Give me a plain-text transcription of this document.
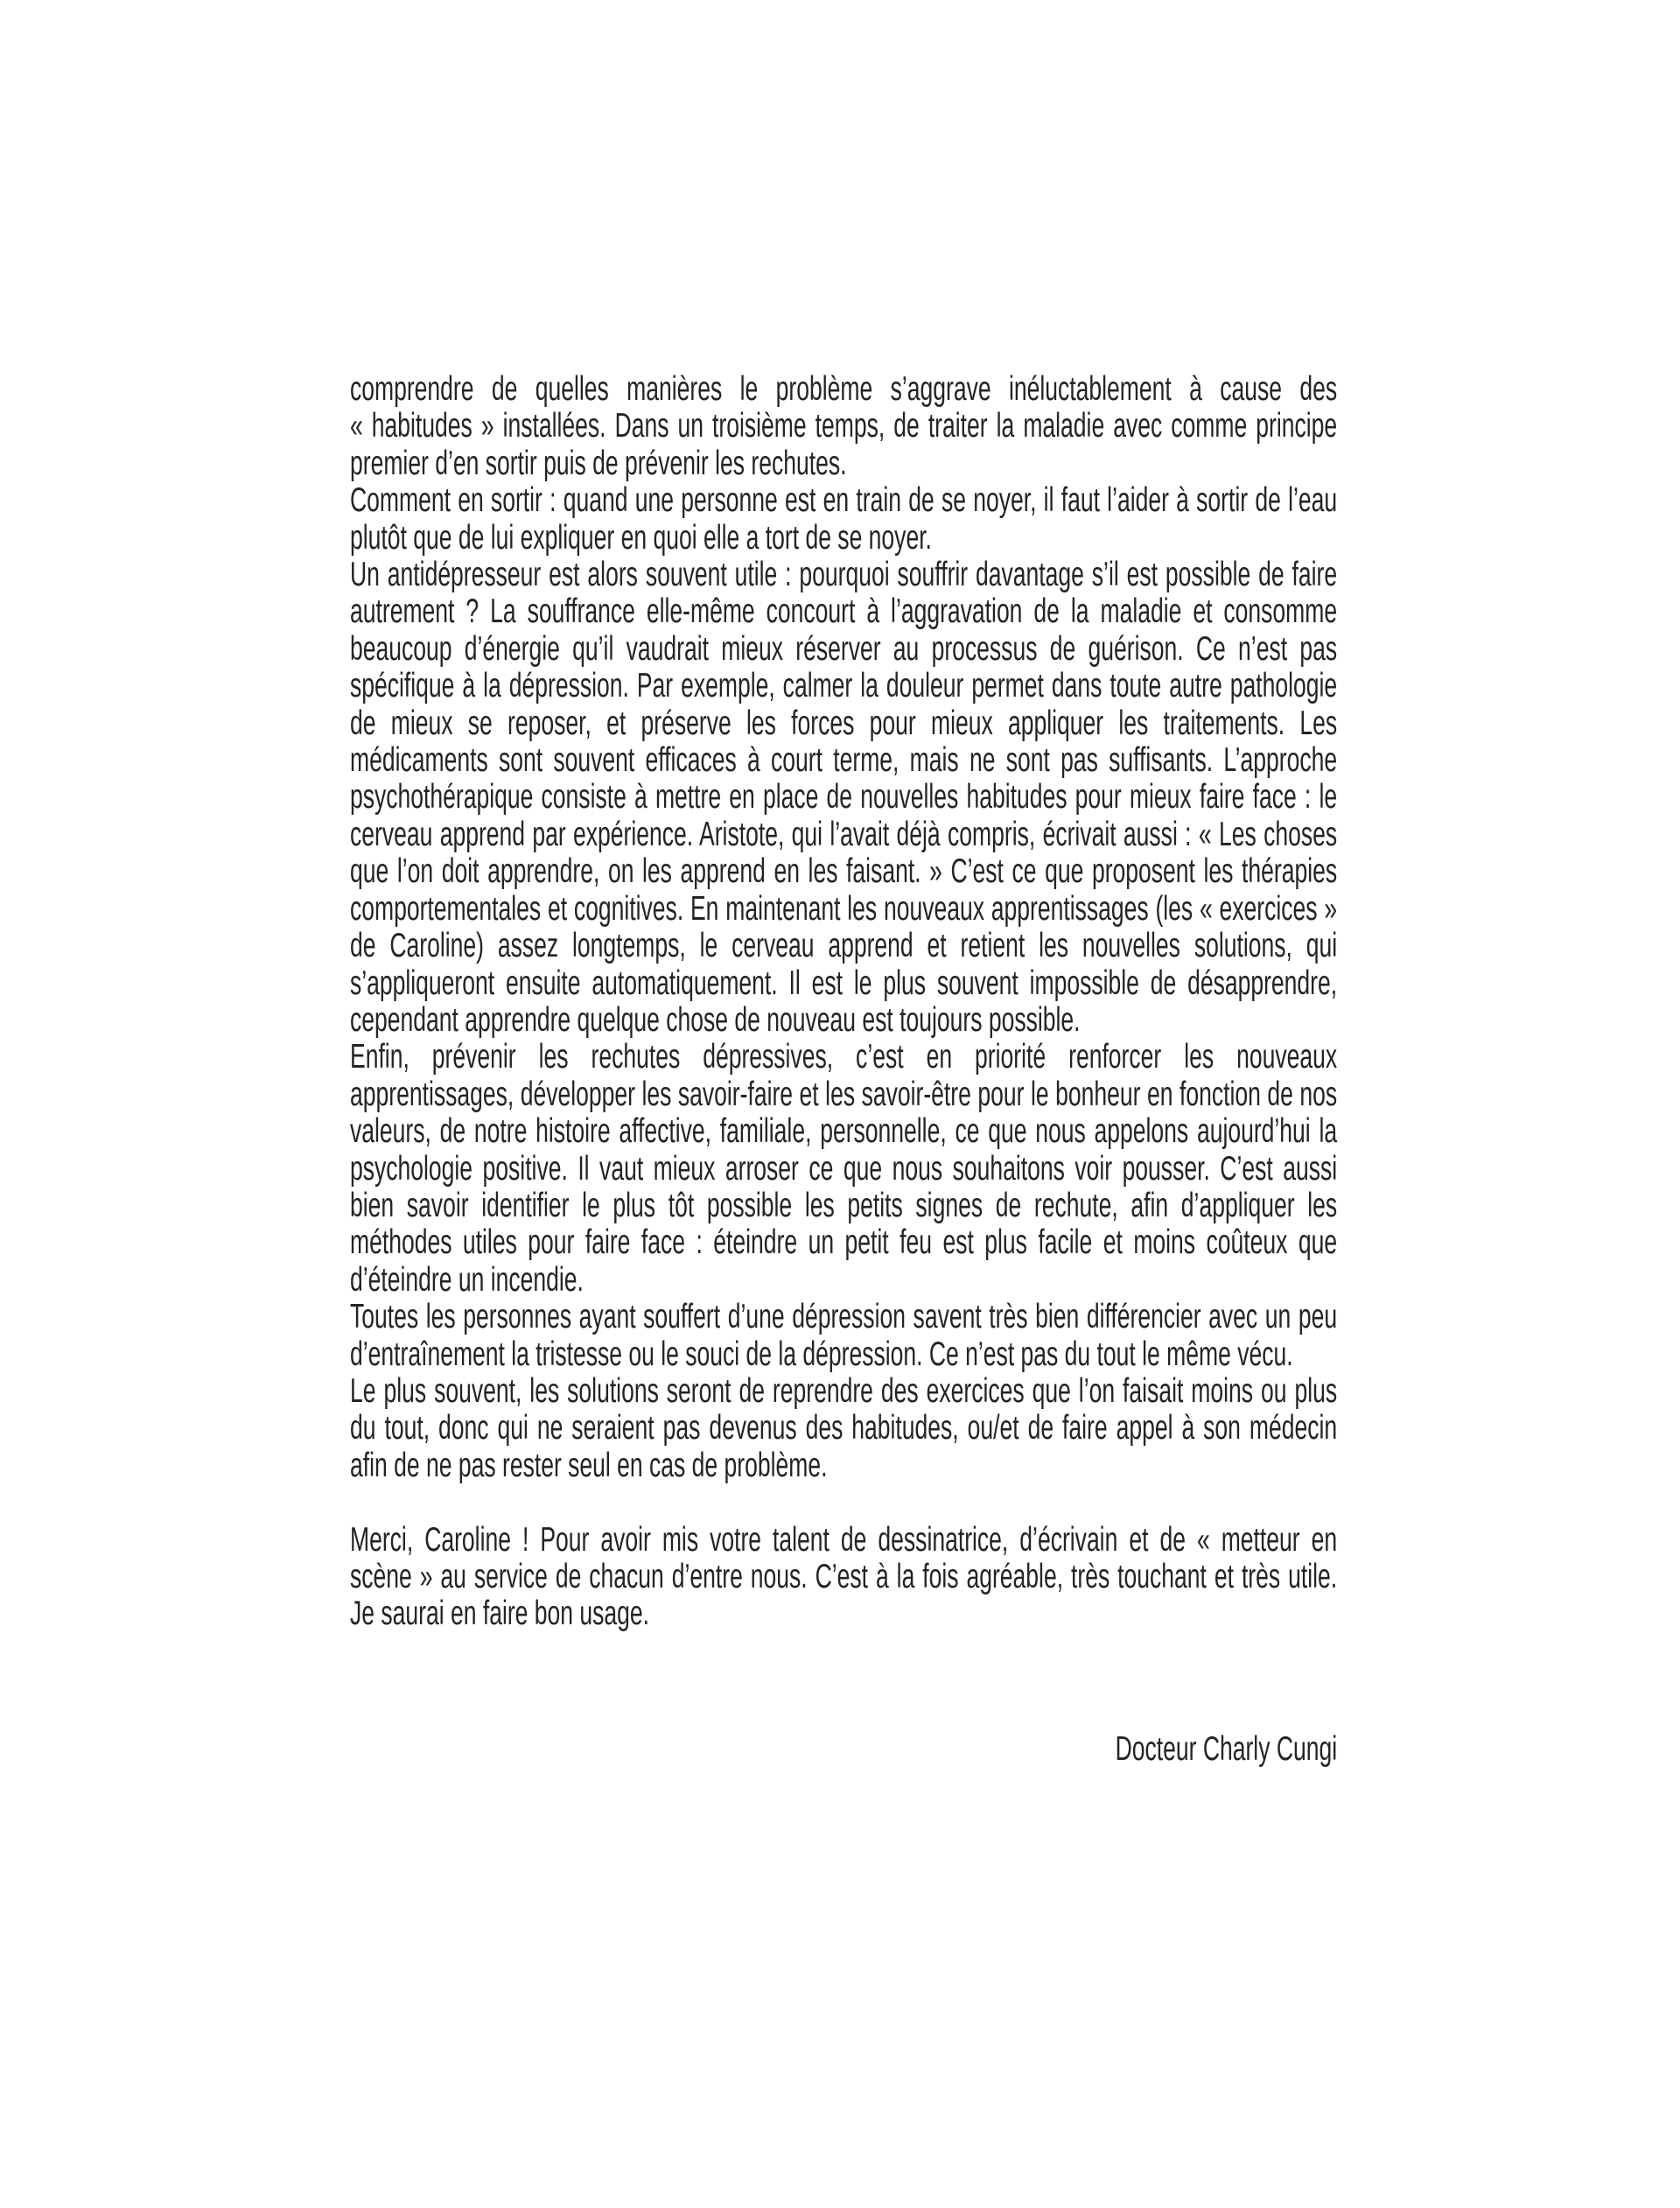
comprendre de quelles manières le problème s’aggrave inéluctablement à cause des « habitudes » installées. Dans un troisième temps, de traiter la maladie avec comme principe premier d’en sortir puis de prévenir les rechutes.
Comment en sortir : quand une personne est en train de se noyer, il faut l’aider à sortir de l’eau plutôt que de lui expliquer en quoi elle a tort de se noyer.
Un antidépresseur est alors souvent utile : pourquoi souffrir davantage s’il est possible de faire autrement ? La souffrance elle-même concourt à l’aggravation de la maladie et consomme beaucoup d’énergie qu’il vaudrait mieux réserver au processus de guérison. Ce n’est pas spécifique à la dépression. Par exemple, calmer la douleur permet dans toute autre pathologie de mieux se reposer, et préserve les forces pour mieux appliquer les traitements. Les médicaments sont souvent efficaces à court terme, mais ne sont pas suffisants. L’approche psychothérapique consiste à mettre en place de nouvelles habitudes pour mieux faire face : le cerveau apprend par expérience. Aristote, qui l’avait déjà compris, écrivait aussi : « Les choses que l’on doit apprendre, on les apprend en les faisant. » C’est ce que proposent les thérapies comportementales et cognitives. En maintenant les nouveaux apprentissages (les « exercices » de Caroline) assez longtemps, le cerveau apprend et retient les nouvelles solutions, qui s’appliqueront ensuite automatiquement. Il est le plus souvent impossible de désapprendre, cependant apprendre quelque chose de nouveau est toujours possible.
Enfin, prévenir les rechutes dépressives, c’est en priorité renforcer les nouveaux apprentissages, développer les savoir-faire et les savoir-être pour le bonheur en fonction de nos valeurs, de notre histoire affective, familiale, personnelle, ce que nous appelons aujourd’hui la psychologie positive. Il vaut mieux arroser ce que nous souhaitons voir pousser. C’est aussi bien savoir identifier le plus tôt possible les petits signes de rechute, afin d’appliquer les méthodes utiles pour faire face : éteindre un petit feu est plus facile et moins coûteux que d’éteindre un incendie.
Toutes les personnes ayant souffert d’une dépression savent très bien différencier avec un peu d’entraînement la tristesse ou le souci de la dépression. Ce n’est pas du tout le même vécu.
Le plus souvent, les solutions seront de reprendre des exercices que l’on faisait moins ou plus du tout, donc qui ne seraient pas devenus des habitudes, ou/et de faire appel à son médecin afin de ne pas rester seul en cas de problème.
Merci, Caroline ! Pour avoir mis votre talent de dessinatrice, d’écrivain et de « metteur en scène » au service de chacun d’entre nous. C’est à la fois agréable, très touchant et très utile. Je saurai en faire bon usage.
Docteur Charly Cungi
